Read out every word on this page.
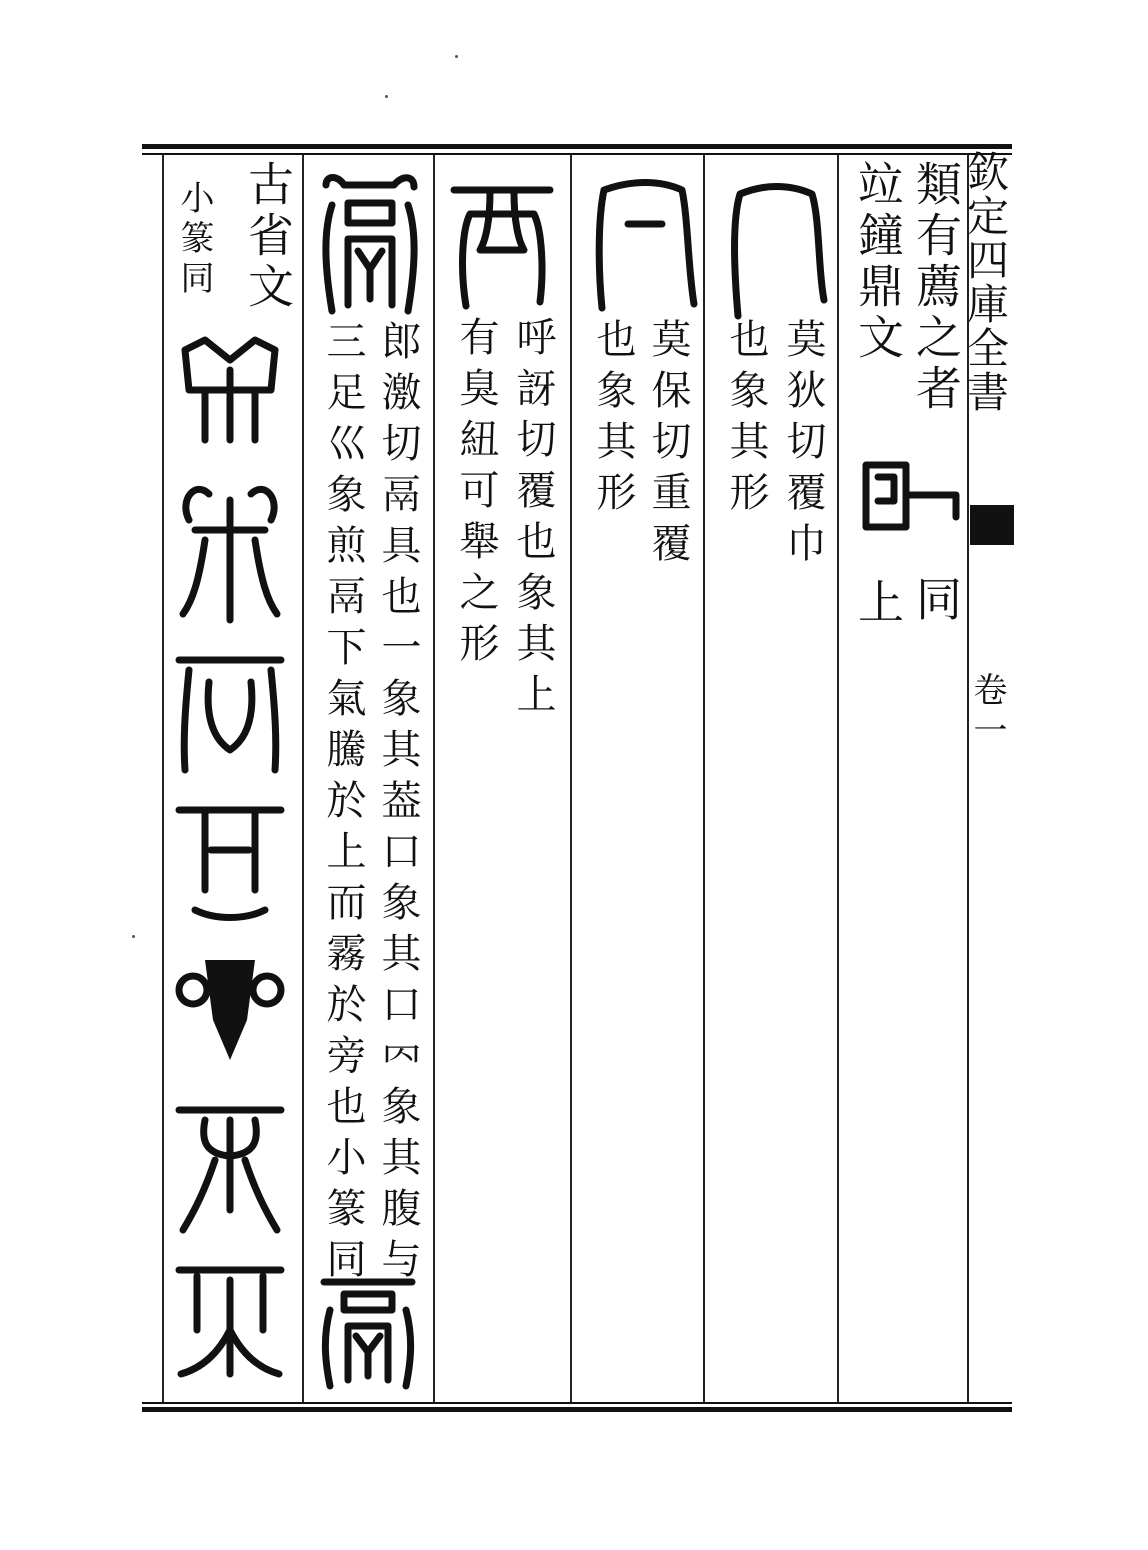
欽定四庫全書
卷一
類有薦之者
竝鐘鼎文
同
上
莫狄切覆巾
也象其形
莫保切重覆
也象其形
呼訝切覆也象其上
有臭紐可舉之形
郎激切鬲具也一象其葢口象其口𠔿象其腹与
三足巛象煎鬲下氣騰於上而霧於旁也小篆同
古省文
小篆同
